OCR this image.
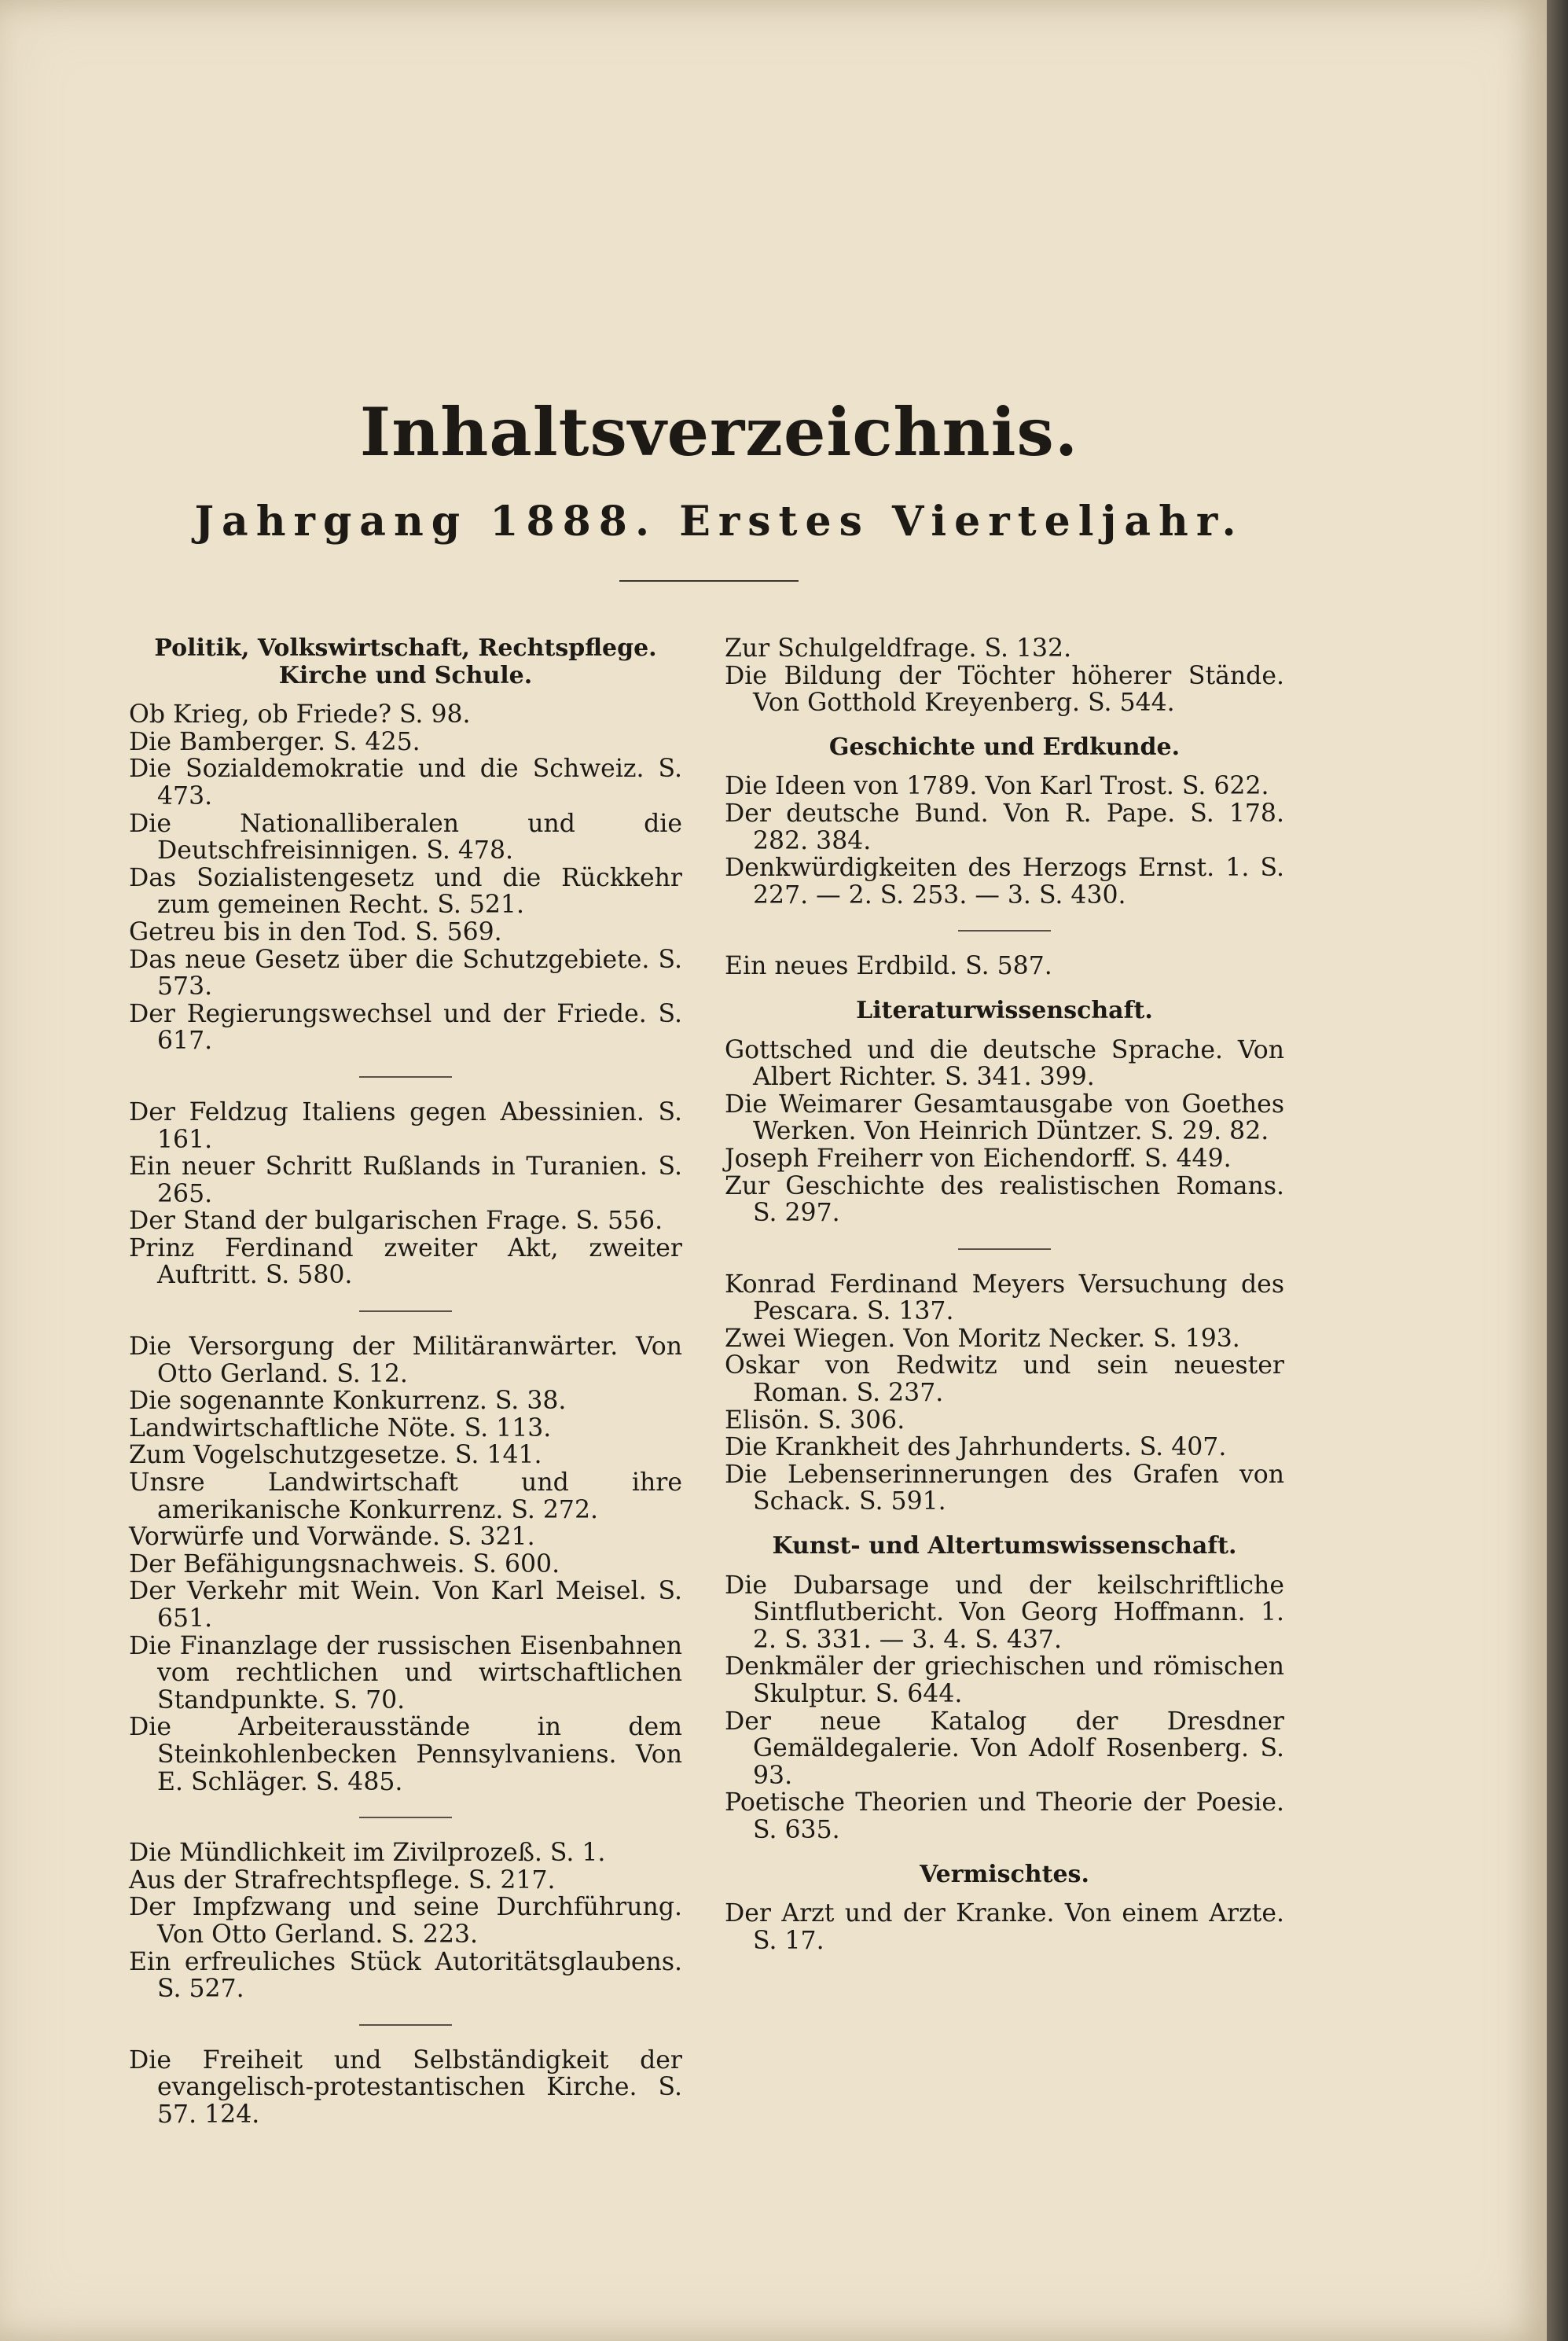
Inhaltsverzeichnis.
Jahrgang 1888. Erstes Vierteljahr.

Politik, Volkswirtschaft, Rechtspflege. Kirche und Schule.

Ob Krieg, ob Friede? S. 98.

Die Bamberger. S. 425.

Die Sozialdemokratie und die Schweiz. S. 473.

Die Nationalliberalen und die Deutschfreisinnigen. S. 478.

Das Sozialistengesetz und die Rückkehr zum gemeinen Recht. S. 521.

Getreu bis in den Tod. S. 569.

Das neue Gesetz über die Schutzgebiete. S. 573.

Der Regierungswechsel und der Friede. S. 617.

Der Feldzug Italiens gegen Abessinien. S. 161.

Ein neuer Schritt Rußlands in Turanien. S. 265.

Der Stand der bulgarischen Frage. S. 556.

Prinz Ferdinand zweiter Akt, zweiter Auftritt. S. 580.

Die Versorgung der Militäranwärter. Von Otto Gerland. S. 12.

Die sogenannte Konkurrenz. S. 38.

Landwirtschaftliche Nöte. S. 113.

Zum Vogelschutzgesetze. S. 141.

Unsre Landwirtschaft und ihre amerikanische Konkurrenz. S. 272.

Vorwürfe und Vorwände. S. 321.

Der Befähigungsnachweis. S. 600.

Der Verkehr mit Wein. Von Karl Meisel. S. 651.

Die Finanzlage der russischen Eisenbahnen vom rechtlichen und wirtschaftlichen Standpunkte. S. 70.

Die Arbeiterausstände in dem Steinkohlenbecken Pennsylvaniens. Von E. Schläger. S. 485.

Die Mündlichkeit im Zivilprozeß. S. 1.

Aus der Strafrechtspflege. S. 217.

Der Impfzwang und seine Durchführung. Von Otto Gerland. S. 223.

Ein erfreuliches Stück Autoritätsglaubens. S. 527.

Die Freiheit und Selbständigkeit der evangelisch-protestantischen Kirche. S. 57. 124.

Zur Schulgeldfrage. S. 132.

Die Bildung der Töchter höherer Stände. Von Gotthold Kreyenberg. S. 544.

Geschichte und Erdkunde.

Die Ideen von 1789. Von Karl Trost. S. 622.

Der deutsche Bund. Von R. Pape. S. 178. 282. 384.

Denkwürdigkeiten des Herzogs Ernst. 1. S. 227. — 2. S. 253. — 3. S. 430.

Ein neues Erdbild. S. 587.

Literaturwissenschaft.

Gottsched und die deutsche Sprache. Von Albert Richter. S. 341. 399.

Die Weimarer Gesamtausgabe von Goethes Werken. Von Heinrich Düntzer. S. 29. 82.

Joseph Freiherr von Eichendorff. S. 449.

Zur Geschichte des realistischen Romans. S. 297.

Konrad Ferdinand Meyers Versuchung des Pescara. S. 137.

Zwei Wiegen. Von Moritz Necker. S. 193.

Oskar von Redwitz und sein neuester Roman. S. 237.

Elisön. S. 306.

Die Krankheit des Jahrhunderts. S. 407.

Die Lebenserinnerungen des Grafen von Schack. S. 591.

Kunst- und Altertumswissenschaft.

Die Dubarsage und der keilschriftliche Sintflutbericht. Von Georg Hoffmann. 1. 2. S. 331. — 3. 4. S. 437.

Denkmäler der griechischen und römischen Skulptur. S. 644.

Der neue Katalog der Dresdner Gemäldegalerie. Von Adolf Rosenberg. S. 93.

Poetische Theorien und Theorie der Poesie. S. 635.

Vermischtes.

Der Arzt und der Kranke. Von einem Arzte. S. 17.
